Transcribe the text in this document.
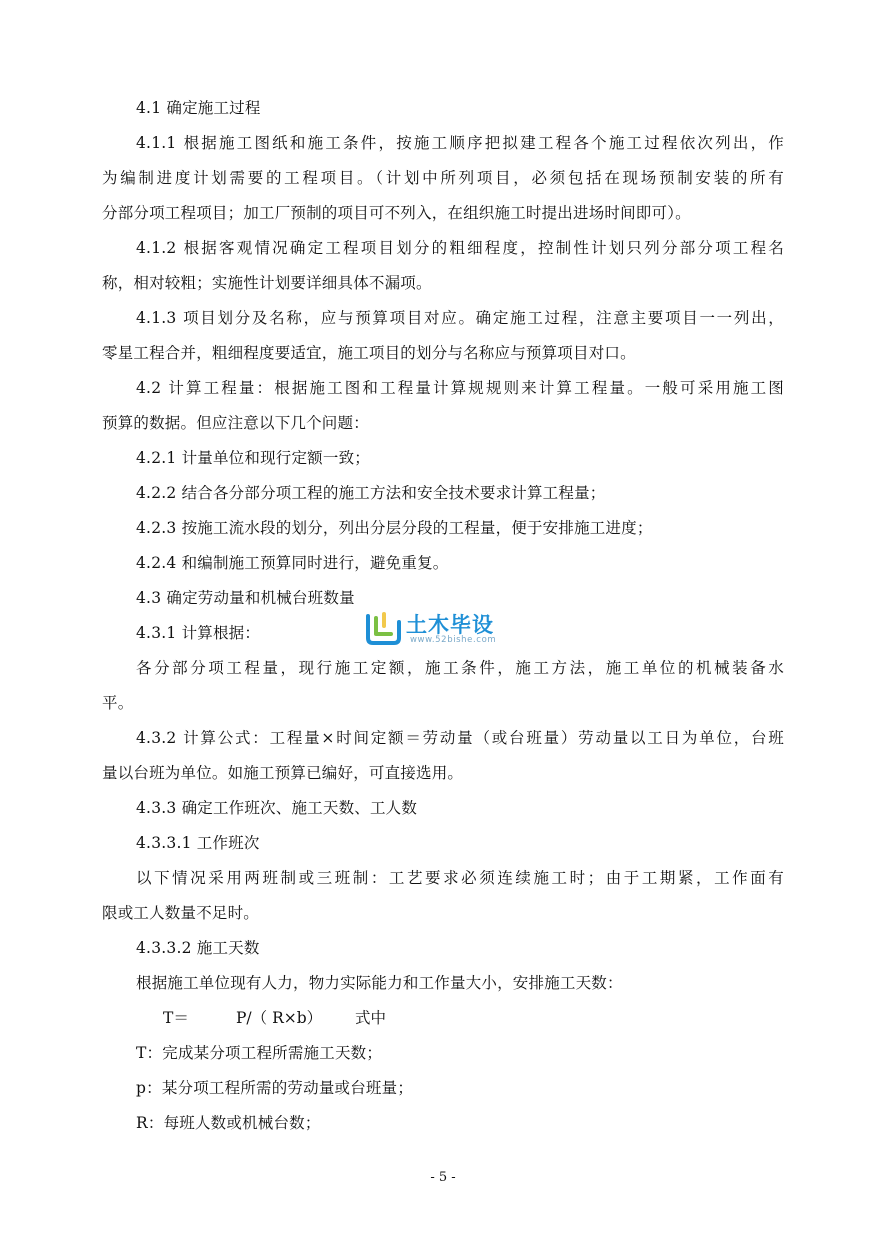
4.1 确定施工过程
4.1.1 根据施工图纸和施工条件，按施工顺序把拟建工程各个施工过程依次列出，作
为编制进度计划需要的工程项目。（计划中所列项目，必须包括在现场预制安装的所有
分部分项工程项目；加工厂预制的项目可不列入，在组织施工时提出进场时间即可）。
4.1.2 根据客观情况确定工程项目划分的粗细程度，控制性计划只列分部分项工程名
称，相对较粗；实施性计划要详细具体不漏项。
4.1.3 项目划分及名称，应与预算项目对应。确定施工过程，注意主要项目一一列出，
零星工程合并，粗细程度要适宜，施工项目的划分与名称应与预算项目对口。
4.2 计算工程量：根据施工图和工程量计算规规则来计算工程量。一般可采用施工图
预算的数据。但应注意以下几个问题：
4.2.1 计量单位和现行定额一致；
4.2.2 结合各分部分项工程的施工方法和安全技术要求计算工程量；
4.2.3 按施工流水段的划分，列出分层分段的工程量，便于安排施工进度；
4.2.4 和编制施工预算同时进行，避免重复。
4.3 确定劳动量和机械台班数量
4.3.1 计算根据：
各分部分项工程量，现行施工定额，施工条件，施工方法，施工单位的机械装备水
平。
4.3.2 计算公式：工程量×时间定额＝劳动量（或台班量）劳动量以工日为单位，台班
量以台班为单位。如施工预算已编好，可直接选用。
4.3.3 确定工作班次、施工天数、工人数
4.3.3.1 工作班次
以下情况采用两班制或三班制：工艺要求必须连续施工时；由于工期紧，工作面有
限或工人数量不足时。
4.3.3.2 施工天数
根据施工单位现有人力，物力实际能力和工作量大小，安排施工天数：
T＝	P/（ R×b） 式中
T：完成某分项工程所需施工天数；
p：某分项工程所需的劳动量或台班量；
R：每班人数或机械台数；
- 5 -
土木毕设
www.52bishe.com
